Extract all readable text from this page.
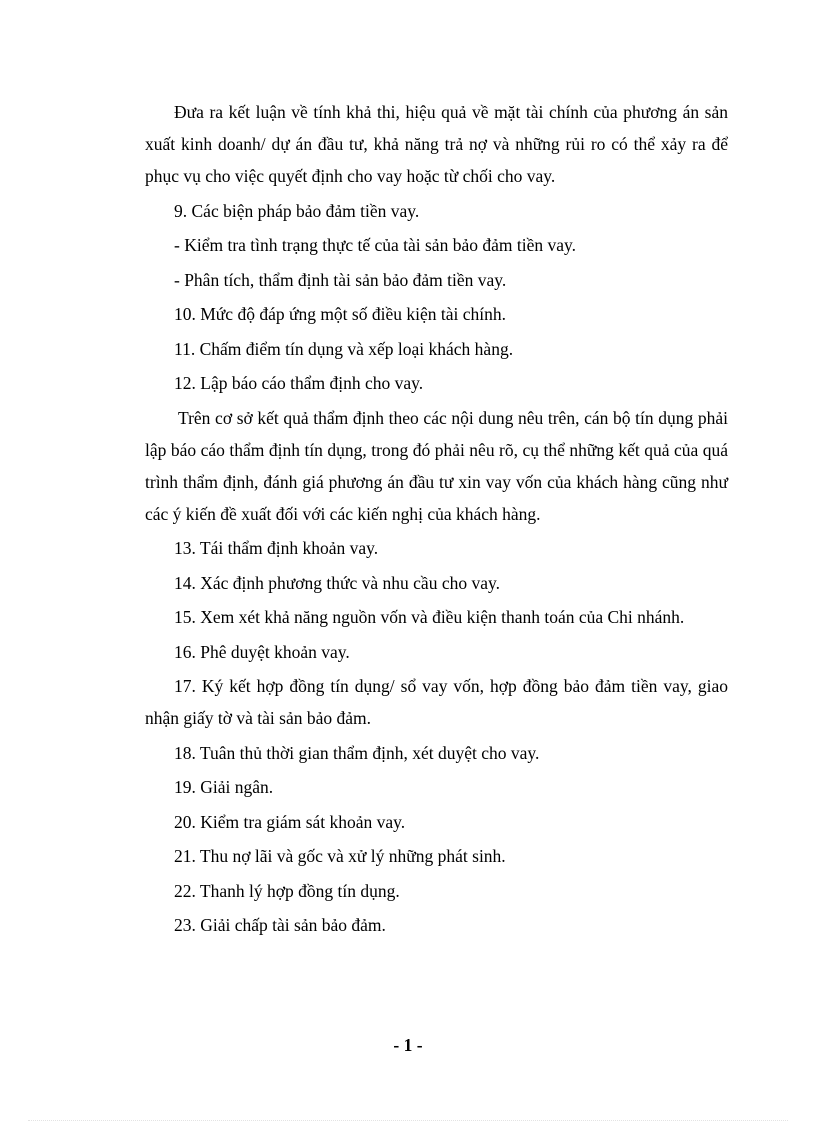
Đưa ra kết luận về tính khả thi, hiệu quả về mặt tài chính của phương án sản xuất kinh doanh/ dự án đầu tư, khả năng trả nợ và những rủi ro có thể xảy ra để phục vụ cho việc quyết định cho vay hoặc từ chối cho vay.

9. Các biện pháp bảo đảm tiền vay.

- Kiểm tra tình trạng thực tế của tài sản bảo đảm tiền vay.

- Phân tích, thẩm định tài sản bảo đảm tiền vay.

10. Mức độ đáp ứng một số điều kiện tài chính.

11. Chấm điểm tín dụng và xếp loại khách hàng.

12. Lập báo cáo thẩm định cho vay.

Trên cơ sở kết quả thẩm định theo các nội dung nêu trên, cán bộ tín dụng phải lập báo cáo thẩm định tín dụng, trong đó phải nêu rõ, cụ thể những kết quả của quá trình thẩm định, đánh giá phương án đầu tư xin vay vốn của khách hàng cũng như các ý kiến đề xuất đối với các kiến nghị của khách hàng.

13. Tái thẩm định khoản vay.

14. Xác định phương thức và nhu cầu cho vay.

15. Xem xét khả năng nguồn vốn và điều kiện thanh toán của Chi nhánh.

16. Phê duyệt khoản vay.

17. Ký kết hợp đồng tín dụng/ sổ vay vốn, hợp đồng bảo đảm tiền vay, giao nhận giấy tờ và tài sản bảo đảm.

18. Tuân thủ thời gian thẩm định, xét duyệt cho vay.

19. Giải ngân.

20. Kiểm tra giám sát khoản vay.

21. Thu nợ lãi và gốc và xử lý những phát sinh.

22. Thanh lý hợp đồng tín dụng.

23. Giải chấp tài sản bảo đảm.

- 1 -
